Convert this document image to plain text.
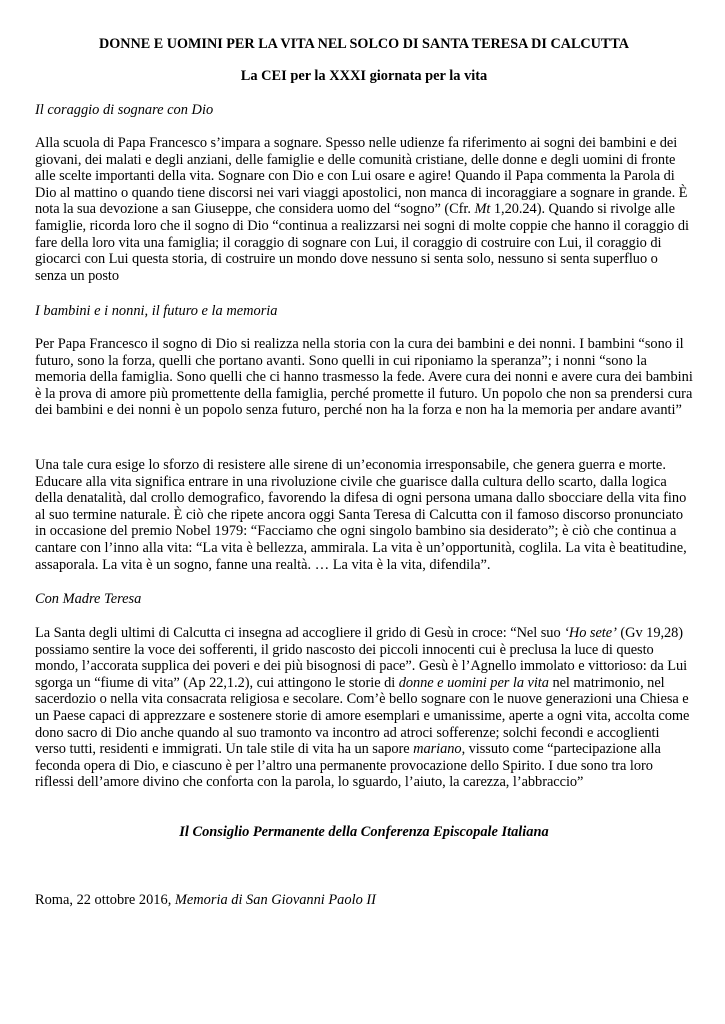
DONNE E UOMINI PER LA VITA NEL SOLCO DI SANTA TERESA DI CALCUTTA

La CEI per la XXXI giornata per la vita

Il coraggio di sognare con Dio

Alla scuola di Papa Francesco s’impara a sognare. Spesso nelle udienze fa riferimento ai sogni dei bambini e dei giovani, dei malati e degli anziani, delle famiglie e delle comunità cristiane, delle donne e degli uomini di fronte alle scelte importanti della vita. Sognare con Dio e con Lui osare e agire! Quando il Papa commenta la Parola di Dio al mattino o quando tiene discorsi nei vari viaggi apostolici, non manca di incoraggiare a sognare in grande. È nota la sua devozione a san Giuseppe, che considera uomo del “sogno” (Cfr. Mt 1,20.24). Quando si rivolge alle famiglie, ricorda loro che il sogno di Dio “continua a realizzarsi nei sogni di molte coppie che hanno il coraggio di fare della loro vita una famiglia; il coraggio di sognare con Lui, il coraggio di costruire con Lui, il coraggio di giocarci con Lui questa storia, di costruire un mondo dove nessuno si senta solo, nessuno si senta superfluo o senza un posto

I bambini e i nonni, il futuro e la memoria

Per Papa Francesco il sogno di Dio si realizza nella storia con la cura dei bambini e dei nonni. I bambini “sono il futuro, sono la forza, quelli che portano avanti. Sono quelli in cui riponiamo la speranza”; i nonni “sono la memoria della famiglia. Sono quelli che ci hanno trasmesso la fede. Avere cura dei nonni e avere cura dei bambini è la prova di amore più promettente della famiglia, perché promette il futuro. Un popolo che non sa prendersi cura dei bambini e dei nonni è un popolo senza futuro, perché non ha la forza e non ha la memoria per andare avanti”

Una tale cura esige lo sforzo di resistere alle sirene di un’economia irresponsabile, che genera guerra e morte. Educare alla vita significa entrare in una rivoluzione civile che guarisce dalla cultura dello scarto, dalla logica della denatalità, dal crollo demografico, favorendo la difesa di ogni persona umana dallo sbocciare della vita fino al suo termine naturale. È ciò che ripete ancora oggi Santa Teresa di Calcutta con il famoso discorso pronunciato in occasione del premio Nobel 1979: “Facciamo che ogni singolo bambino sia desiderato”; è ciò che continua a cantare con l’inno alla vita: “La vita è bellezza, ammirala. La vita è un’opportunità, coglila. La vita è beatitudine, assaporala. La vita è un sogno, fanne una realtà. … La vita è la vita, difendila”.

Con Madre Teresa

La Santa degli ultimi di Calcutta ci insegna ad accogliere il grido di Gesù in croce: “Nel suo ‘Ho sete’ (Gv 19,28) possiamo sentire la voce dei sofferenti, il grido nascosto dei piccoli innocenti cui è preclusa la luce di questo mondo, l’accorata supplica dei poveri e dei più bisognosi di pace”. Gesù è l’Agnello immolato e vittorioso: da Lui sgorga un “fiume di vita” (Ap 22,1.2), cui attingono le storie di donne e uomini per la vita nel matrimonio, nel sacerdozio o nella vita consacrata religiosa e secolare. Com’è bello sognare con le nuove generazioni una Chiesa e un Paese capaci di apprezzare e sostenere storie di amore esemplari e umanissime, aperte a ogni vita, accolta come dono sacro di Dio anche quando al suo tramonto va incontro ad atroci sofferenze; solchi fecondi e accoglienti verso tutti, residenti e immigrati. Un tale stile di vita ha un sapore mariano, vissuto come “partecipazione alla feconda opera di Dio, e ciascuno è per l’altro una permanente provocazione dello Spirito. I due sono tra loro riflessi dell’amore divino che conforta con la parola, lo sguardo, l’aiuto, la carezza, l’abbraccio”

Il Consiglio Permanente della Conferenza Episcopale Italiana

Roma, 22 ottobre 2016, Memoria di San Giovanni Paolo II
